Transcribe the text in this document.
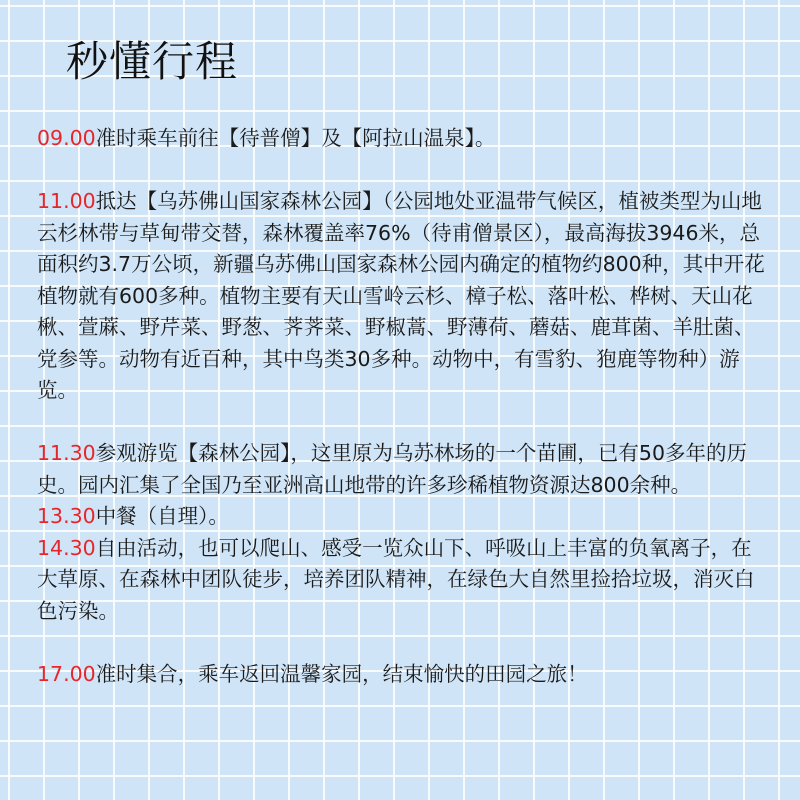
秒懂行程

09.00准时乘车前往【待普僧】及【阿拉山温泉】。

11.00抵达【乌苏佛山国家森林公园】（公园地处亚温带气候区，植被类型为山地云杉林带与草甸带交替，森林覆盖率76%（待甫僧景区），最高海拔3946米，总面积约3.7万公顷，新疆乌苏佛山国家森林公园内确定的植物约800种，其中开花植物就有600多种。植物主要有天山雪岭云杉、樟子松、落叶松、桦树、天山花楸、萱蔴、野芹菜、野葱、荠荠菜、野椒蒿、野薄荷、蘑菇、鹿茸菌、羊肚菌、党参等。动物有近百种，其中鸟类30多种。动物中，有雪豹、狍鹿等物种）游览。

11.30参观游览【森林公园】，这里原为乌苏林场的一个苗圃，已有50多年的历史。园内汇集了全国乃至亚洲高山地带的许多珍稀植物资源达800余种。

13.30中餐（自理）。

14.30自由活动，也可以爬山、感受一览众山下、呼吸山上丰富的负氧离子，在大草原、在森林中团队徒步，培养团队精神，在绿色大自然里捡拾垃圾，消灭白色污染。

17.00准时集合，乘车返回温馨家园，结束愉快的田园之旅！
